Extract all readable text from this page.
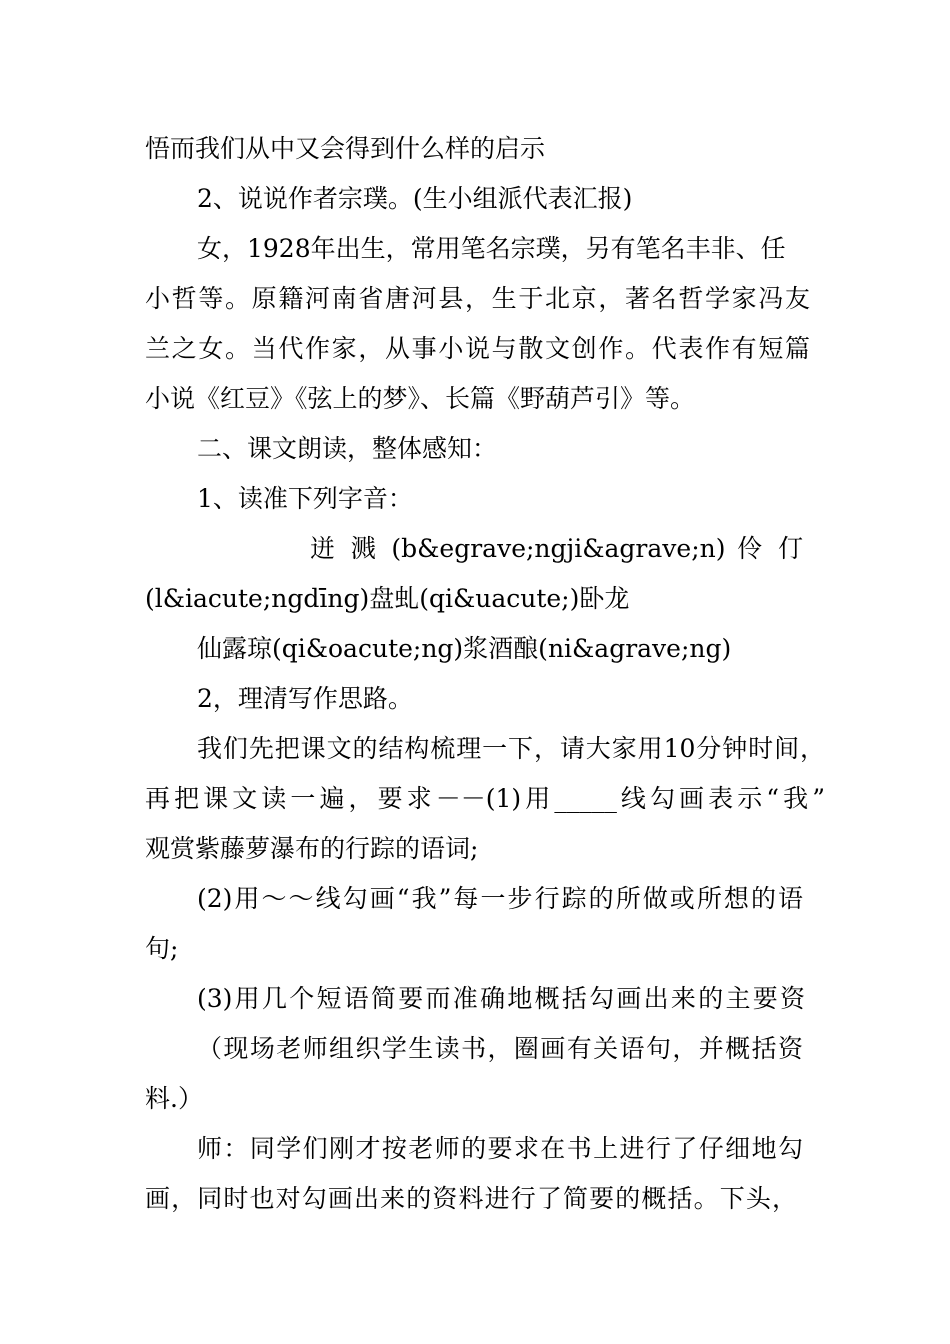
悟而我们从中又会得到什么样的启示
2、说说作者宗璞。(生小组派代表汇报)
女，1928年出生，常用笔名宗璞，另有笔名丰非、任
小哲等。原籍河南省唐河县，生于北京，著名哲学家冯友
兰之女。当代作家，从事小说与散文创作。代表作有短篇
小说《红豆》《弦上的梦》、长篇《野葫芦引》等。
二、课文朗读，整体感知：
1、读准下列字音：
迸 溅 (b&egrave;ngji&agrave;n) 伶 仃
(l&iacute;ngdīng)盘虬(qi&uacute;)卧龙
仙露琼(qi&oacute;ng)浆酒酿(ni&agrave;ng)
2，理清写作思路。
我们先把课文的结构梳理一下，请大家用10分钟时间，
再把课文读一遍，要求－－(1)用_____线勾画表示“我”
观赏紫藤萝瀑布的行踪的语词;
(2)用～～线勾画“我”每一步行踪的所做或所想的语
句;
(3)用几个短语简要而准确地概括勾画出来的主要资
（现场老师组织学生读书，圈画有关语句，并概括资
料.）
师：同学们刚才按老师的要求在书上进行了仔细地勾
画，同时也对勾画出来的资料进行了简要的概括。下头，
